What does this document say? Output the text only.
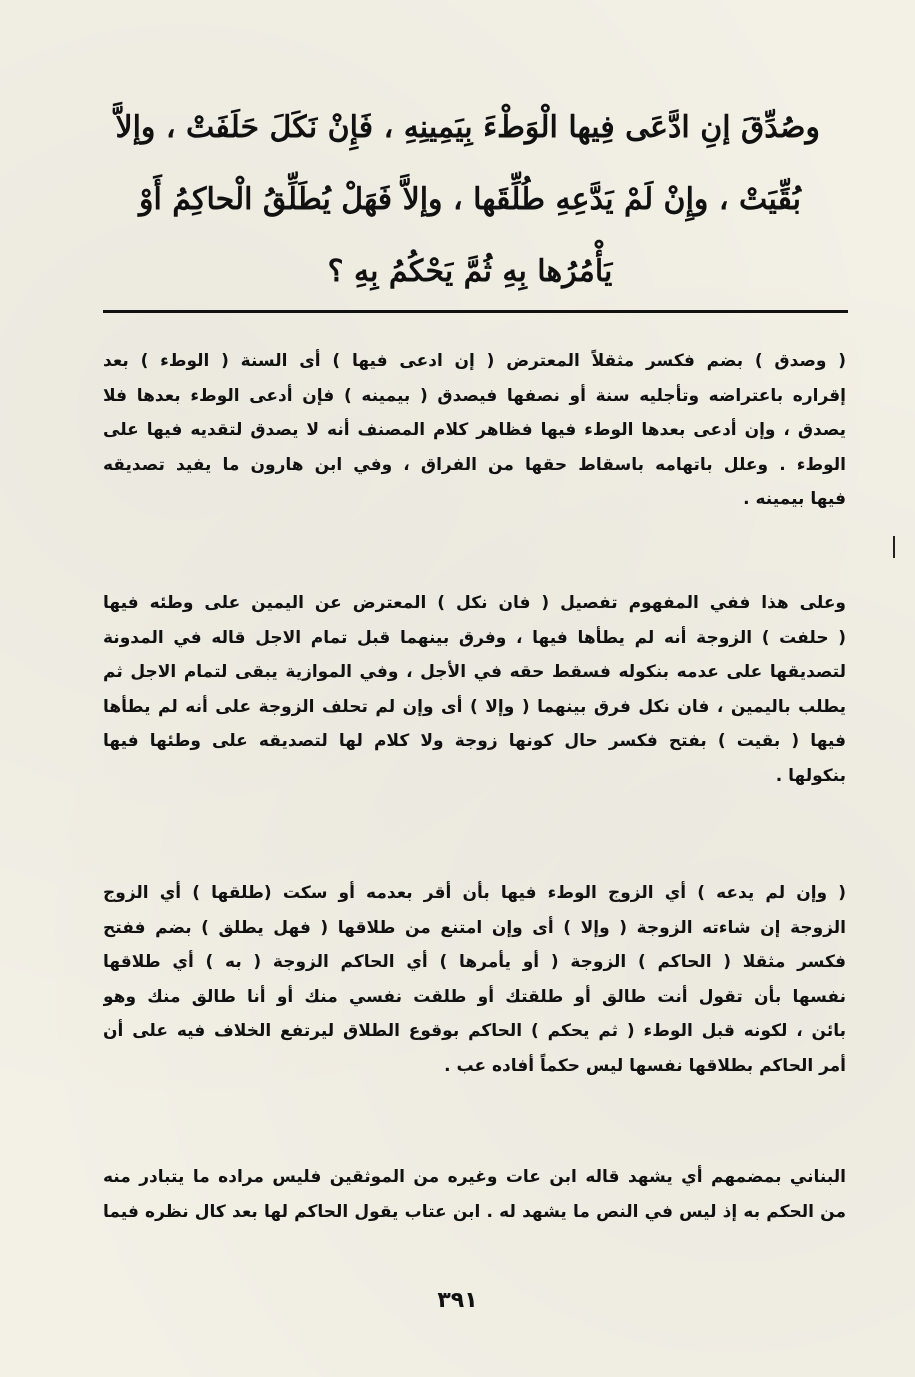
وصُدِّقَ إنِ ادَّعَى فِيها الْوَطْءَ بِيَمِينِهِ ، فَإِنْ نَكَلَ حَلَفَتْ ، وإلاَّ
بُقِّيَتْ ، وإِنْ لَمْ يَدَّعِهِ طُلِّقَها ، وإلاَّ فَهَلْ يُطَلِّقُ الْحاكِمُ أَوْ
يَأْمُرُها بِهِ ثُمَّ يَحْكُمُ بِهِ ؟
( وصدق ) بضم فكسر مثقلاً المعترض ( إن ادعى فيها ) أى السنة ( الوطء ) بعد
إقراره باعتراضه وتأجليه سنة أو نصفها فيصدق ( بيمينه ) فإن أدعى الوطء بعدها فلا
يصدق ، وإن أدعى بعدها الوطء فيها فظاهر كلام المصنف أنه لا يصدق لتقديه فيها على
الوطء . وعلل باتهامه باسقاط حقها من الفراق ، وفي ابن هارون ما يفيد تصديقه
فيها بيمينه .
وعلى هذا ففي المفهوم تفصيل ( فان نكل ) المعترض عن اليمين على وطئه فيها
( حلفت ) الزوجة أنه لم يطأها فيها ، وفرق بينهما قبل تمام الاجل قاله في المدونة
لتصديقها على عدمه بنكوله فسقط حقه في الأجل ، وفي الموازية يبقى لتمام الاجل ثم
يطلب باليمين ، فان نكل فرق بينهما ( وإلا ) أى وإن لم تحلف الزوجة على أنه لم يطأها
فيها ( بقيت ) بفتح فكسر حال كونها زوجة ولا كلام لها لتصديقه على وطئها فيها
بنكولها .
( وإن لم يدعه ) أي الزوج الوطء فيها بأن أقر بعدمه أو سكت (طلقها ) أي الزوج
الزوجة إن شاءته الزوجة ( وإلا ) أى وإن امتنع من طلاقها ( فهل يطلق ) بضم ففتح
فكسر مثقلا ( الحاكم ) الزوجة ( أو يأمرها ) أي الحاكم الزوجة ( به ) أي طلاقها
نفسها بأن تقول أنت طالق أو طلقتك أو طلقت نفسي منك أو أنا طالق منك وهو
بائن ، لكونه قبل الوطء ( ثم يحكم ) الحاكم بوقوع الطلاق ليرتفع الخلاف فيه على أن
أمر الحاكم بطلاقها نفسها ليس حكماً أفاده عب .
البناني بمضمهم أي يشهد قاله ابن عات وغيره من الموثقين فليس مراده ما يتبادر منه
من الحكم به إذ ليس في النص ما يشهد له . ابن عتاب يقول الحاكم لها بعد كال نظره فيما
٣٩١
